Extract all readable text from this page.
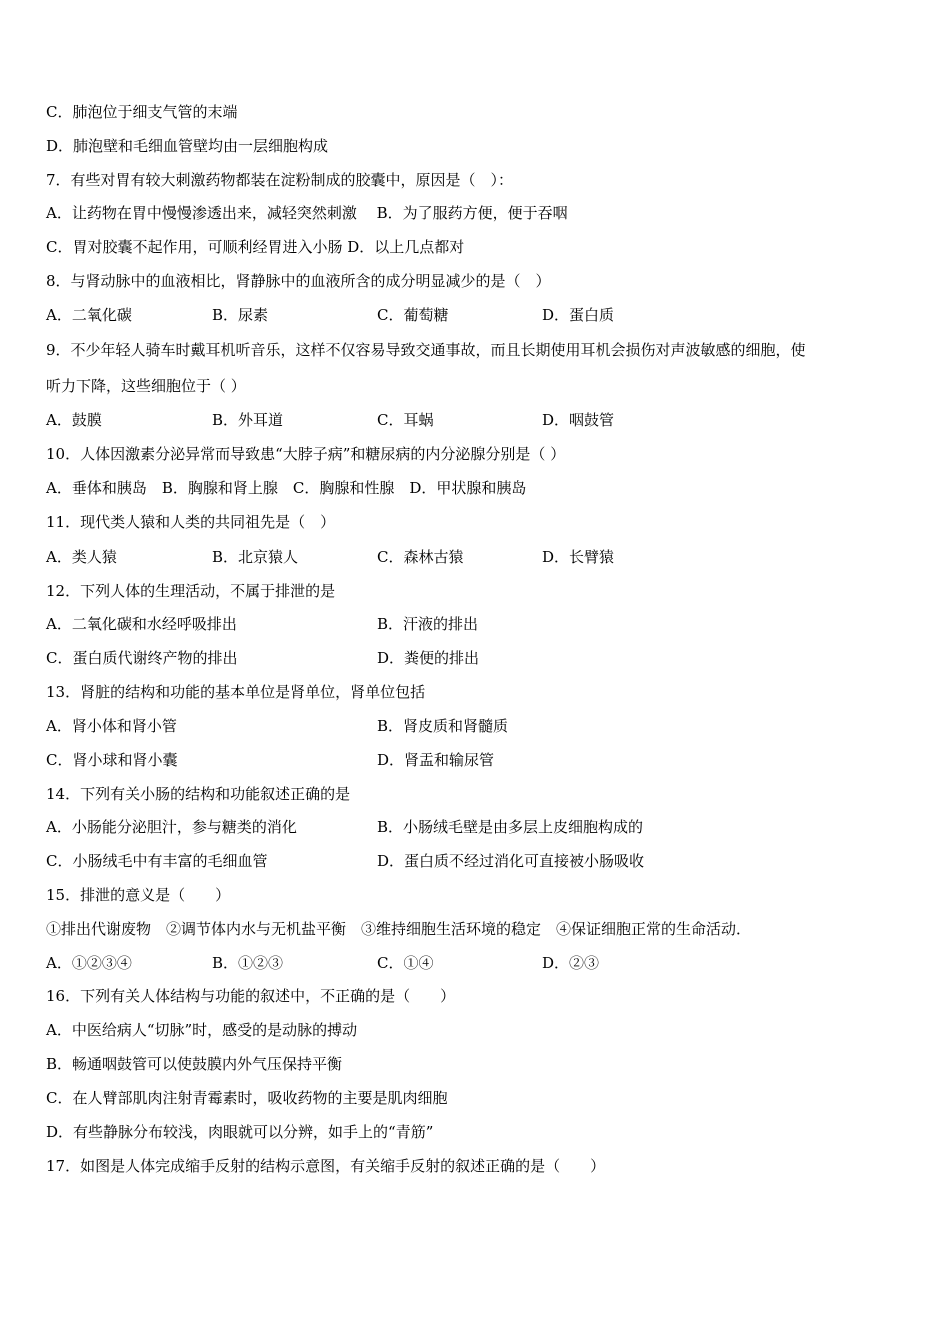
C．肺泡位于细支气管的末端
D．肺泡壁和毛细血管壁均由一层细胞构成
7．有些对胃有较大刺激药物都装在淀粉制成的胶囊中，原因是（　）：
A．让药物在胃中慢慢渗透出来，减轻突然刺激　 B．为了服药方便，便于吞咽
C．胃对胶囊不起作用，可顺利经胃进入小肠 D．以上几点都对
8．与肾动脉中的血液相比，肾静脉中的血液所含的成分明显减少的是（　）
A．二氧化碳	B．尿素	C．葡萄糖	D．蛋白质
9．不少年轻人骑车时戴耳机听音乐，这样不仅容易导致交通事故，而且长期使用耳机会损伤对声波敏感的细胞，使
听力下降，这些细胞位于（ ）
A．鼓膜	B．外耳道	C．耳蜗	D．咽鼓管
10．人体因激素分泌异常而导致患“大脖子病”和糖尿病的内分泌腺分别是（ ）
A．垂体和胰岛　B．胸腺和肾上腺　C．胸腺和性腺　D．甲状腺和胰岛
11．现代类人猿和人类的共同祖先是（　）
A．类人猿	B．北京猿人	C．森林古猿	D．长臂猿
12．下列人体的生理活动，不属于排泄的是
A．二氧化碳和水经呼吸排出	B．汗液的排出
C．蛋白质代谢终产物的排出	D．粪便的排出
13．肾脏的结构和功能的基本单位是肾单位，肾单位包括
A．肾小体和肾小管	B．肾皮质和肾髓质
C．肾小球和肾小囊	D．肾盂和输尿管
14．下列有关小肠的结构和功能叙述正确的是
A．小肠能分泌胆汁，参与糖类的消化	B．小肠绒毛壁是由多层上皮细胞构成的
C．小肠绒毛中有丰富的毛细血管	D．蛋白质不经过消化可直接被小肠吸收
15．排泄的意义是（　　）
①排出代谢废物　②调节体内水与无机盐平衡　③维持细胞生活环境的稳定　④保证细胞正常的生命活动．
A．①②③④	B．①②③	C．①④	D．②③
16．下列有关人体结构与功能的叙述中，不正确的是（　　）
A．中医给病人“切脉”时，感受的是动脉的搏动
B．畅通咽鼓管可以使鼓膜内外气压保持平衡
C．在人臂部肌肉注射青霉素时，吸收药物的主要是肌肉细胞
D．有些静脉分布较浅，肉眼就可以分辨，如手上的“青筋”
17．如图是人体完成缩手反射的结构示意图，有关缩手反射的叙述正确的是（　　）
